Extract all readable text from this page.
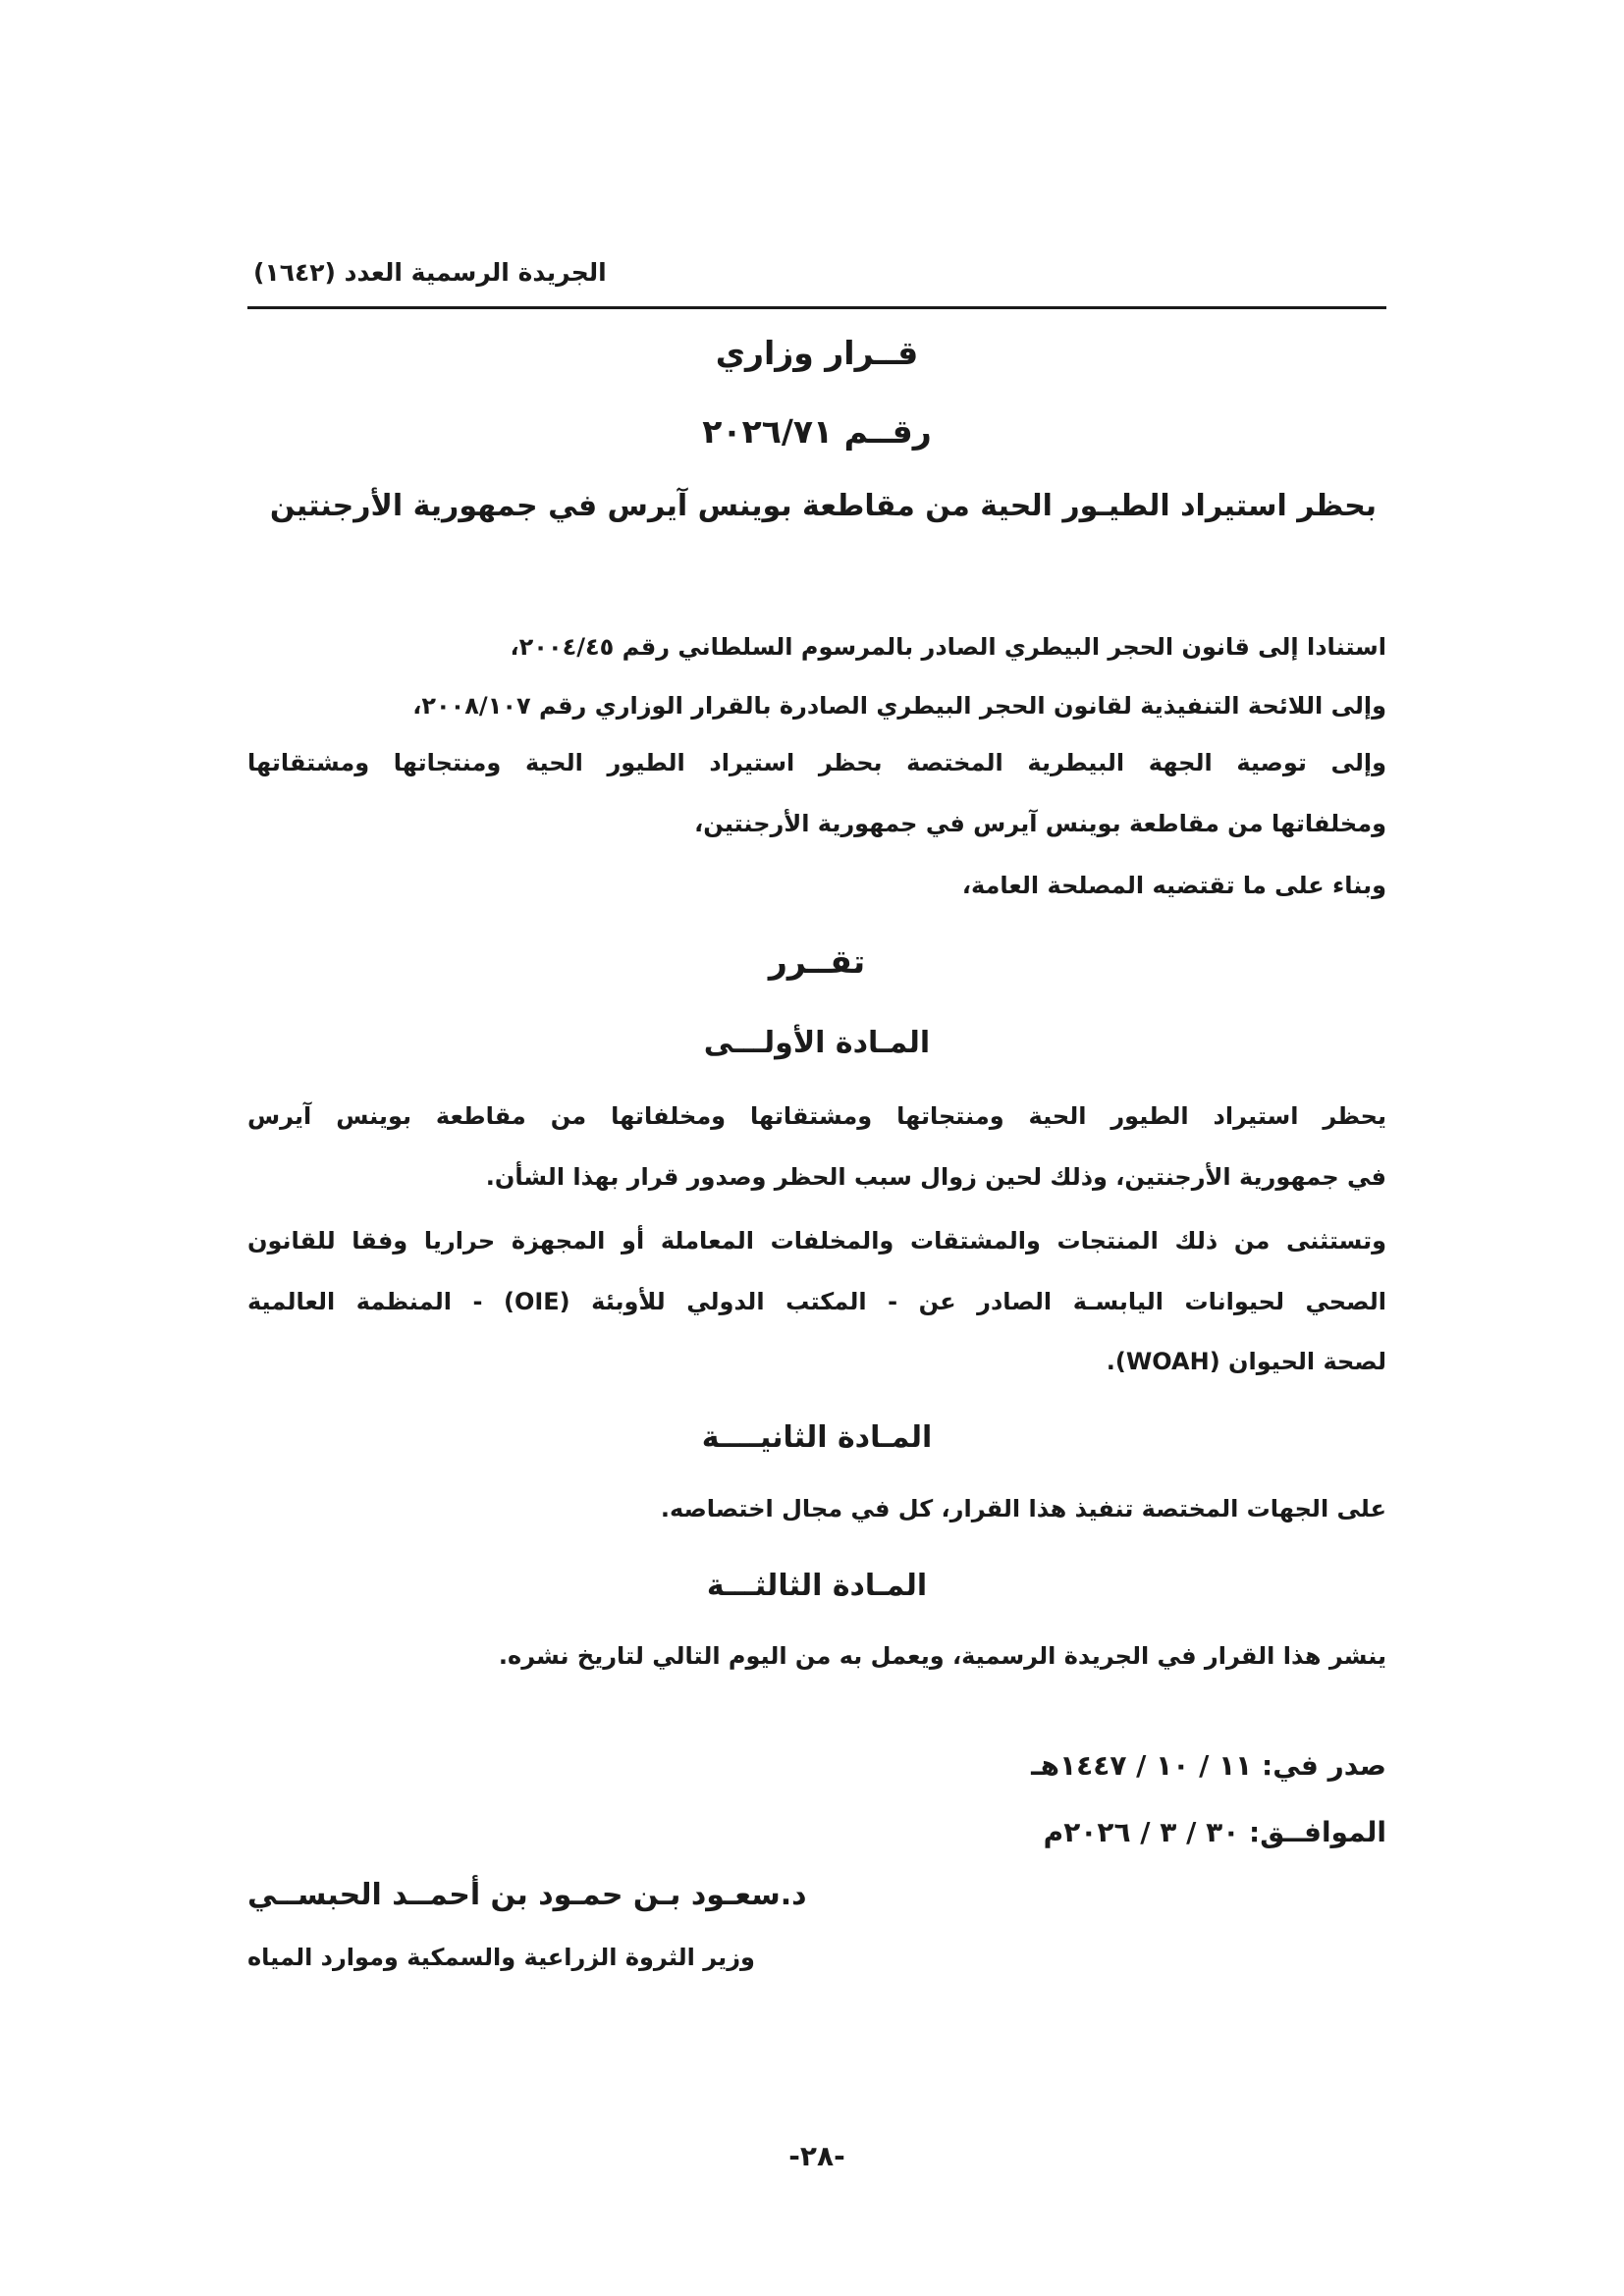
الجريدة الرسمية العدد (١٦٤٢)
قــرار وزاري
رقــم ٢٠٢٦/٧١
بحظر استيراد الطيـور الحية من مقاطعة بوينس آيرس في جمهورية الأرجنتين
استنادا إلى قانون الحجر البيطري الصادر بالمرسوم السلطاني رقم ٢٠٠٤/٤٥،
وإلى اللائحة التنفيذية لقانون الحجر البيطري الصادرة بالقرار الوزاري رقم ٢٠٠٨/١٠٧،
وإلى توصية الجهة البيطرية المختصة بحظر استيراد الطيور الحية ومنتجاتها ومشتقاتها
ومخلفاتها من مقاطعة بوينس آيرس في جمهورية الأرجنتين،
وبناء على ما تقتضيه المصلحة العامة،
تقــرر
المـادة الأولـــى
يحظر استيراد الطيور الحية ومنتجاتها ومشتقاتها ومخلفاتها من مقاطعة بوينس آيرس
في جمهورية الأرجنتين، وذلك لحين زوال سبب الحظر وصدور قرار بهذا الشأن.
وتستثنى من ذلك المنتجات والمشتقات والمخلفات المعاملة أو المجهزة حراريا وفقا للقانون
الصحي لحيوانات اليابسـة الصادر عن - المكتب الدولي للأوبئة (OIE) - المنظمة العالمية
لصحة الحيوان (WOAH).
المـادة الثانيــــة
على الجهات المختصة تنفيذ هذا القرار، كل في مجال اختصاصه.
المـادة الثالثـــة
ينشر هذا القرار في الجريدة الرسمية، ويعمل به من اليوم التالي لتاريخ نشره.
صدر في: ١١ / ١٠ / ١٤٤٧هـ
الموافــق: ٣٠ / ٣ / ٢٠٢٦م
د.سعـود بـن حمـود بن أحمــد الحبســي
وزير الثروة الزراعية والسمكية وموارد المياه
-٢٨-
